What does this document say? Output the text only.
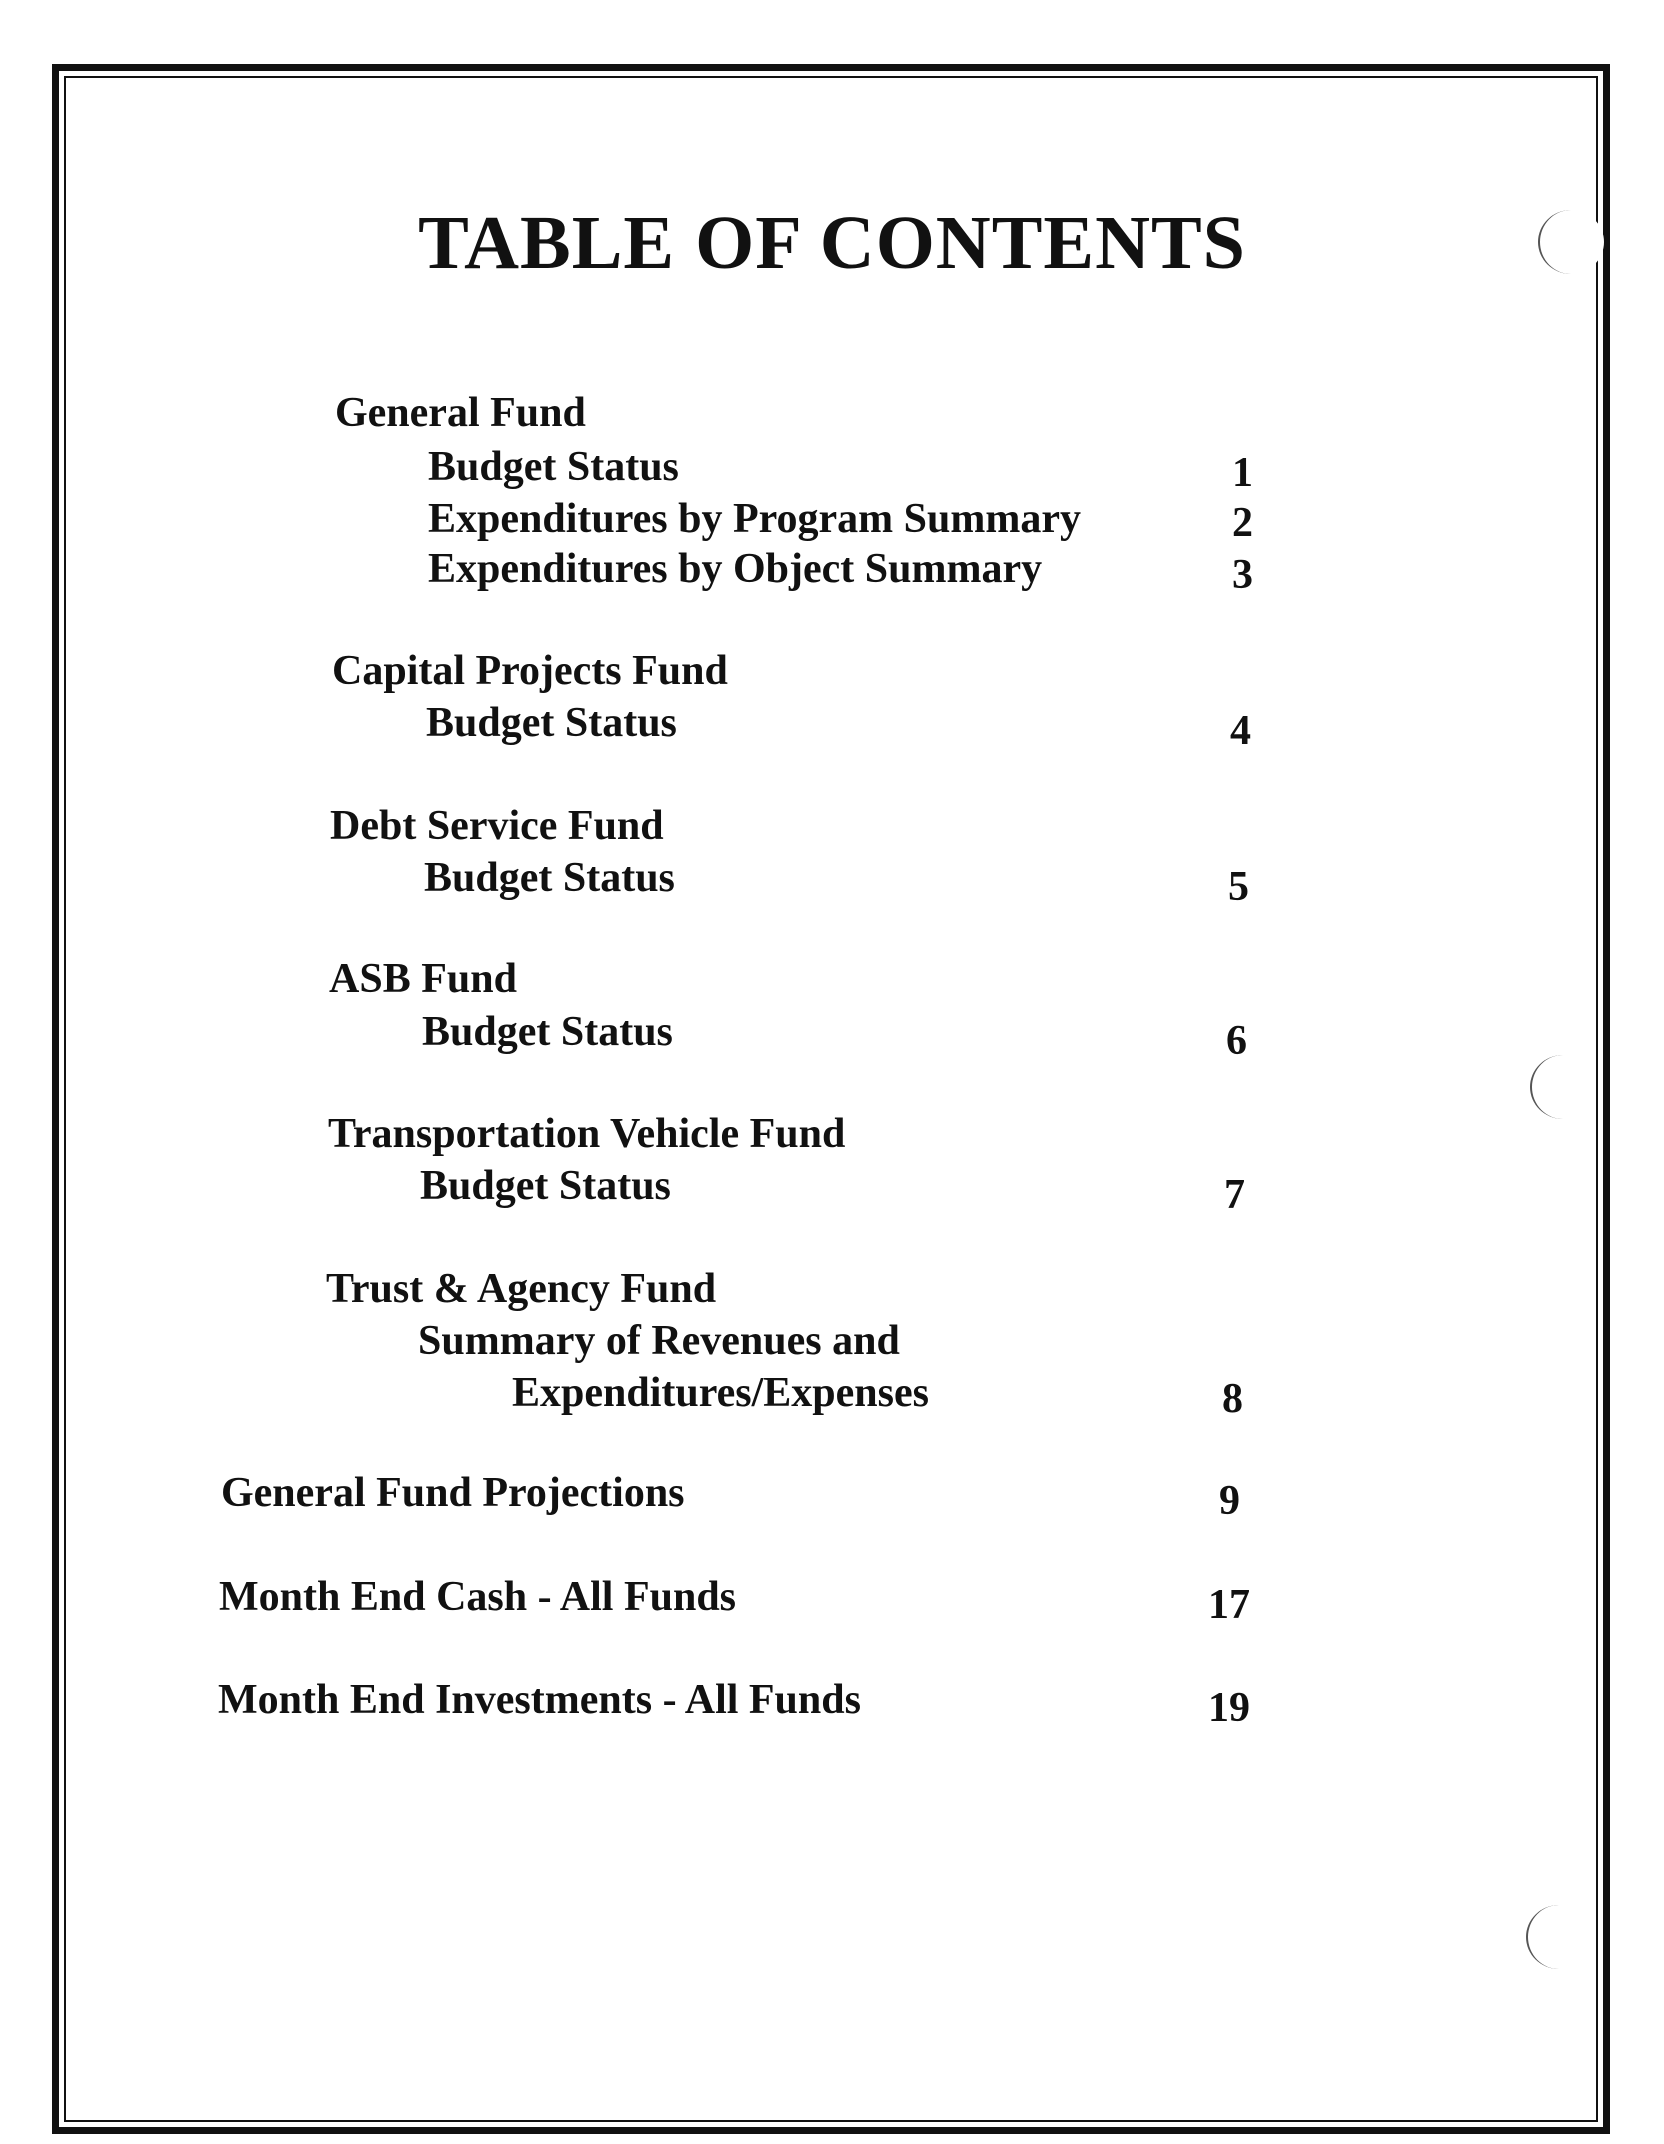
TABLE OF CONTENTS
General Fund
Budget Status	1
Expenditures by Program Summary	2
Expenditures by Object Summary	3
Capital Projects Fund
Budget Status	4
Debt Service Fund
Budget Status	5
ASB Fund
Budget Status	6
Transportation Vehicle Fund
Budget Status	7
Trust & Agency Fund
Summary of Revenues and
Expenditures/Expenses	8
General Fund Projections	9
Month End Cash - All Funds	17
Month End Investments - All Funds	19
